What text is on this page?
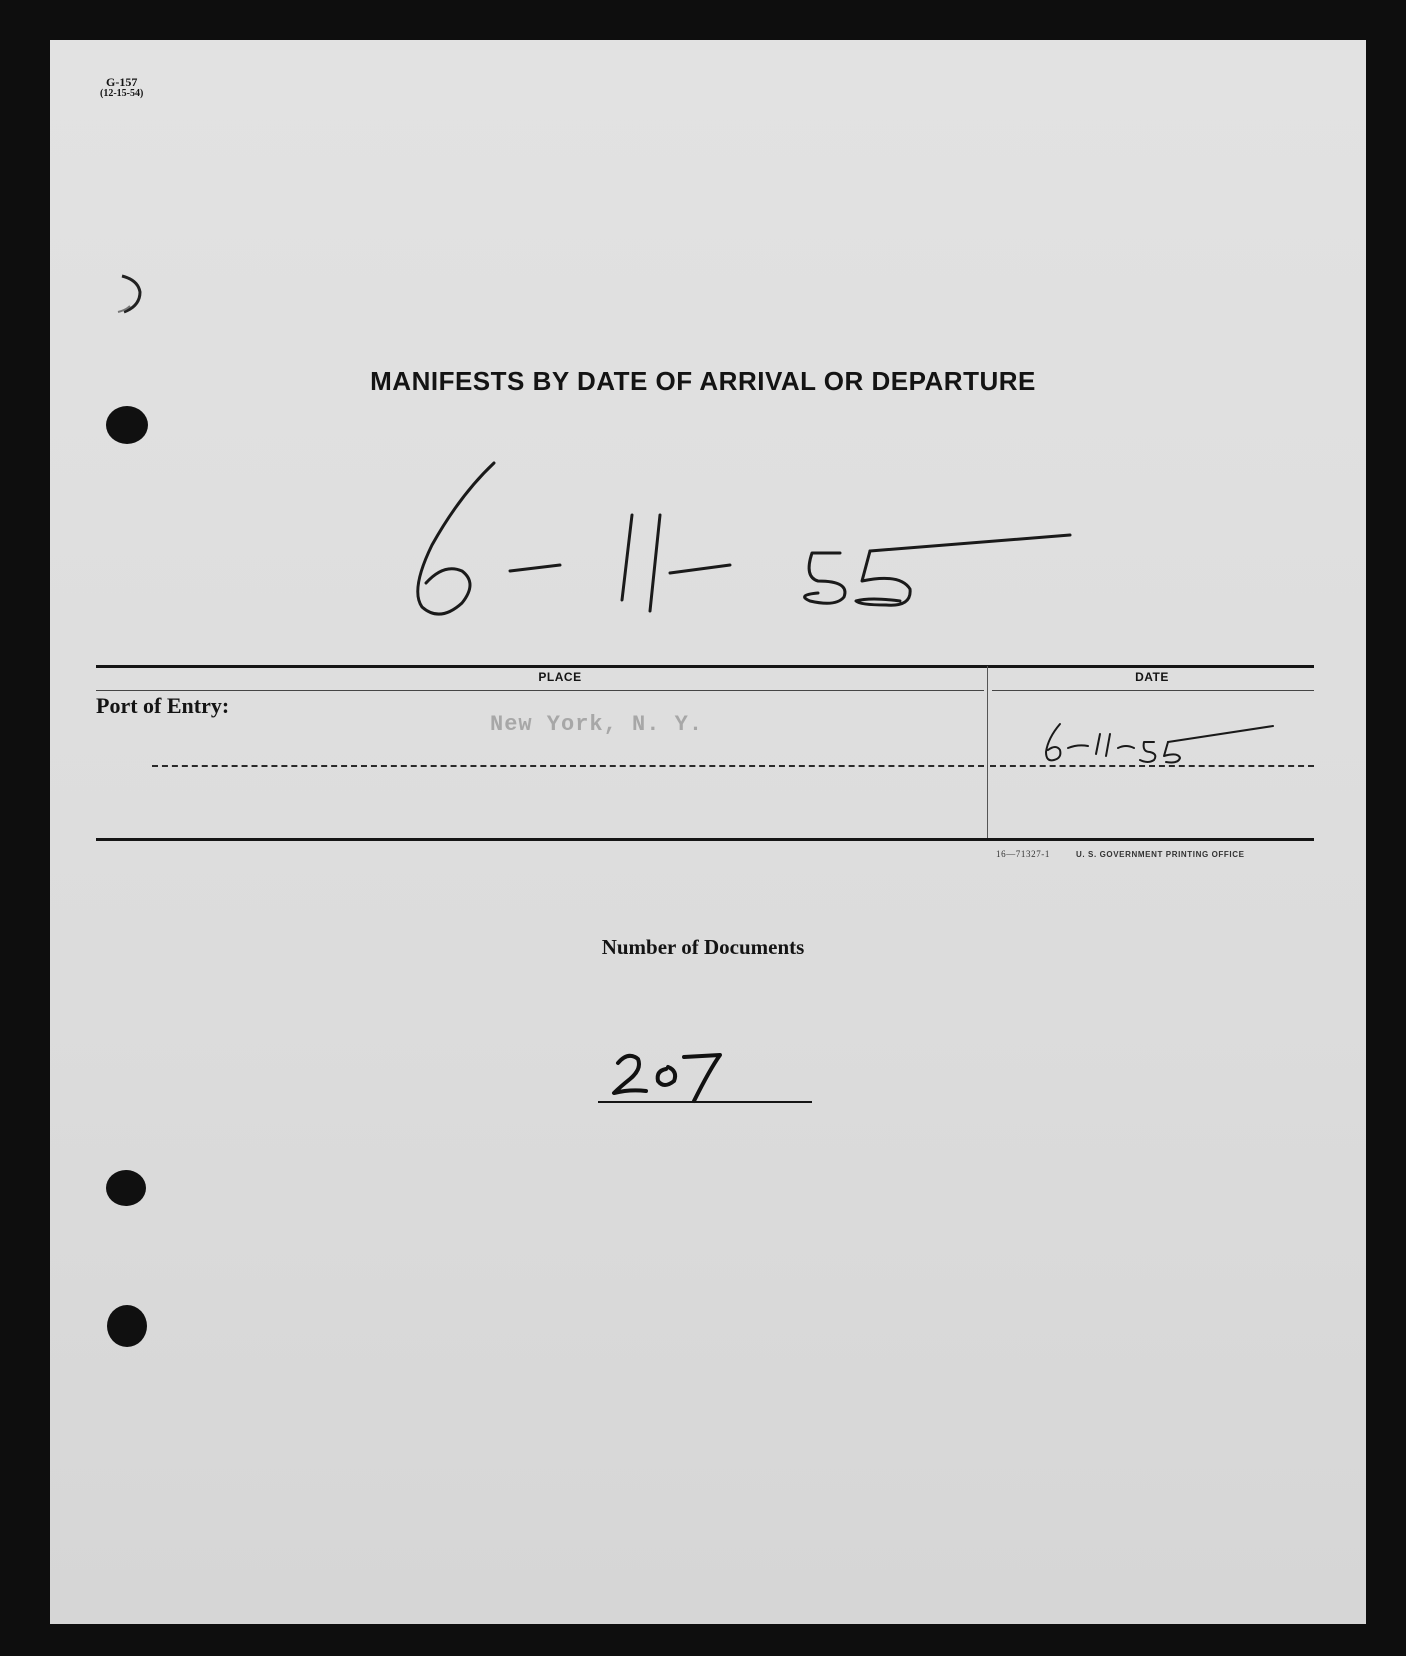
G-157
(12-15-54)
MANIFESTS BY DATE OF ARRIVAL OR DEPARTURE
PLACE	DATE
Port of Entry:
New York, N. Y.
16—71327-1	U. S. GOVERNMENT PRINTING OFFICE
Number of Documents
